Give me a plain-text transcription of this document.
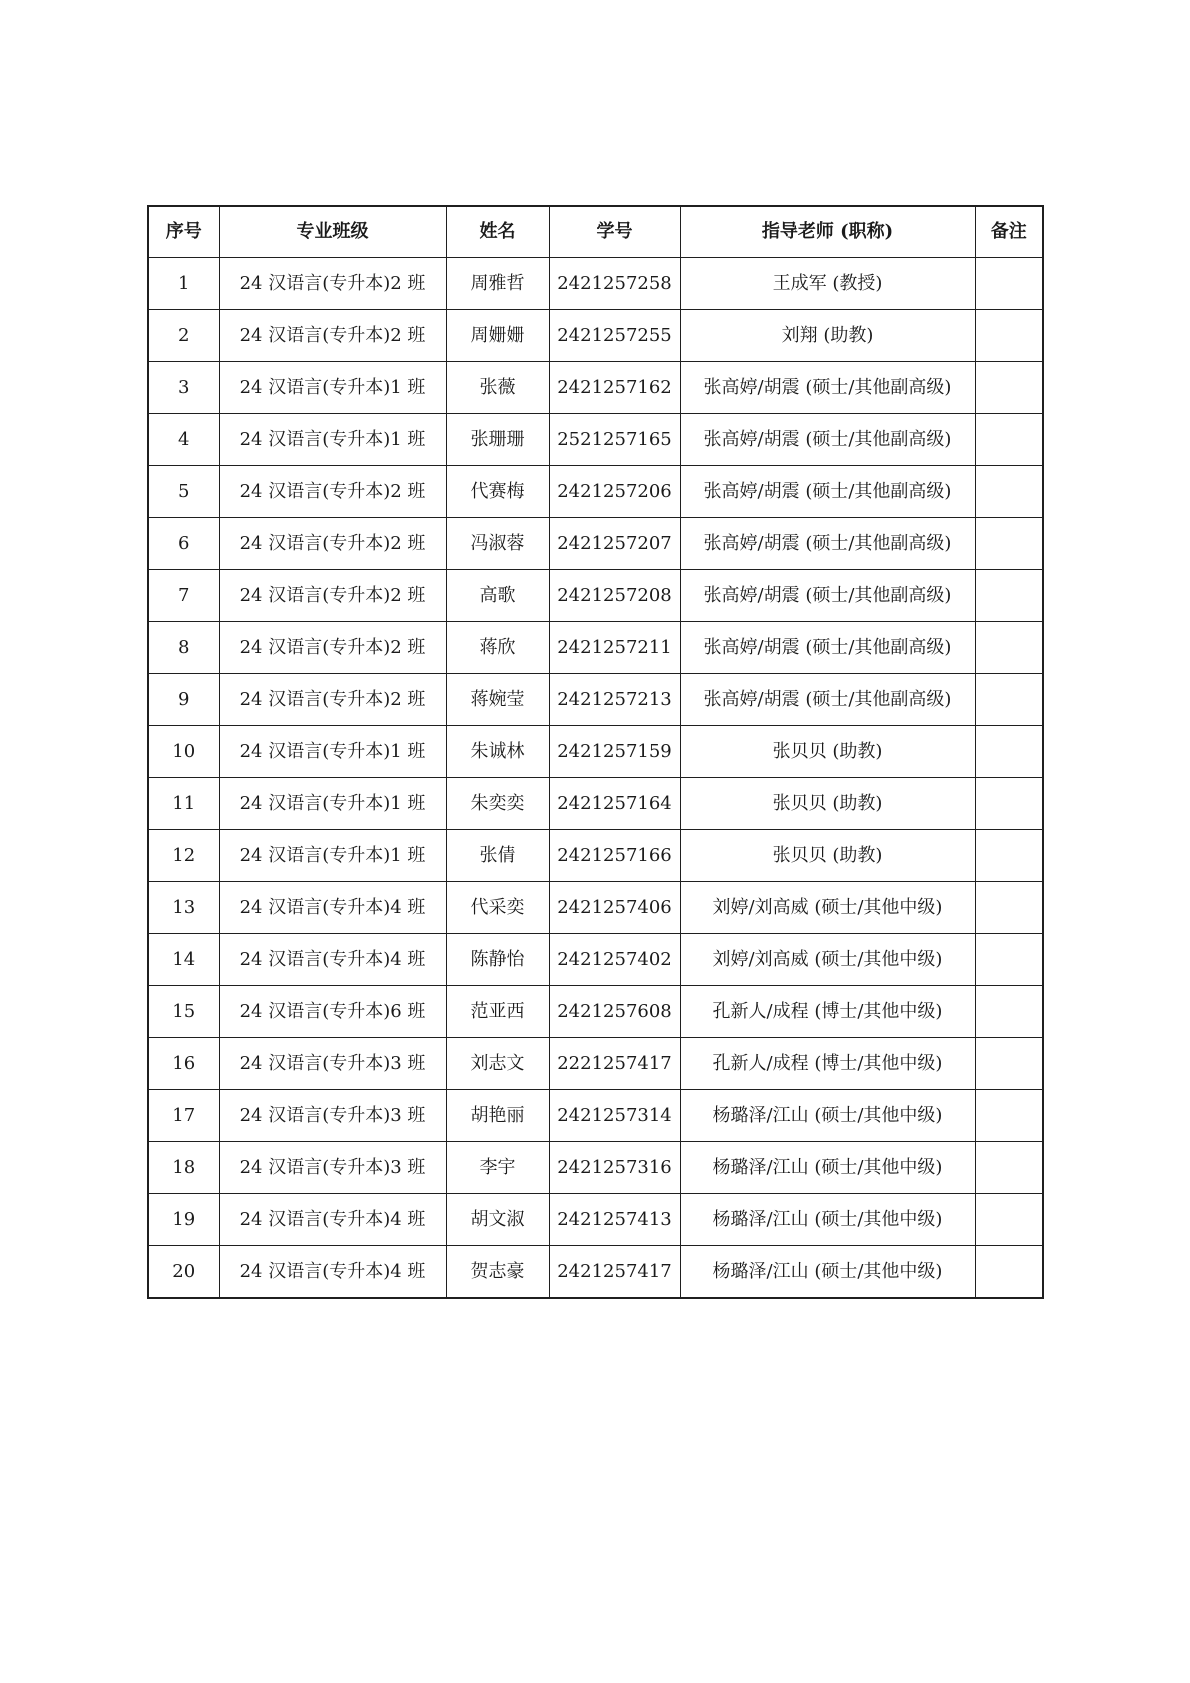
序号	专业班级	姓名	学号	指导老师 (职称)	备注
1	24 汉语言(专升本)2 班	周雅哲	2421257258	王成军 (教授)	
2	24 汉语言(专升本)2 班	周姗姗	2421257255	刘翔 (助教)	
3	24 汉语言(专升本)1 班	张薇	2421257162	张高婷/胡震 (硕士/其他副高级)	
4	24 汉语言(专升本)1 班	张珊珊	2521257165	张高婷/胡震 (硕士/其他副高级)	
5	24 汉语言(专升本)2 班	代赛梅	2421257206	张高婷/胡震 (硕士/其他副高级)	
6	24 汉语言(专升本)2 班	冯淑蓉	2421257207	张高婷/胡震 (硕士/其他副高级)	
7	24 汉语言(专升本)2 班	高歌	2421257208	张高婷/胡震 (硕士/其他副高级)	
8	24 汉语言(专升本)2 班	蒋欣	2421257211	张高婷/胡震 (硕士/其他副高级)	
9	24 汉语言(专升本)2 班	蒋婉莹	2421257213	张高婷/胡震 (硕士/其他副高级)	
10	24 汉语言(专升本)1 班	朱诚林	2421257159	张贝贝 (助教)	
11	24 汉语言(专升本)1 班	朱奕奕	2421257164	张贝贝 (助教)	
12	24 汉语言(专升本)1 班	张倩	2421257166	张贝贝 (助教)	
13	24 汉语言(专升本)4 班	代采奕	2421257406	刘婷/刘高威 (硕士/其他中级)	
14	24 汉语言(专升本)4 班	陈静怡	2421257402	刘婷/刘高威 (硕士/其他中级)	
15	24 汉语言(专升本)6 班	范亚西	2421257608	孔新人/成程 (博士/其他中级)	
16	24 汉语言(专升本)3 班	刘志文	2221257417	孔新人/成程 (博士/其他中级)	
17	24 汉语言(专升本)3 班	胡艳丽	2421257314	杨璐泽/江山 (硕士/其他中级)	
18	24 汉语言(专升本)3 班	李宇	2421257316	杨璐泽/江山 (硕士/其他中级)	
19	24 汉语言(专升本)4 班	胡文淑	2421257413	杨璐泽/江山 (硕士/其他中级)	
20	24 汉语言(专升本)4 班	贺志豪	2421257417	杨璐泽/江山 (硕士/其他中级)	
